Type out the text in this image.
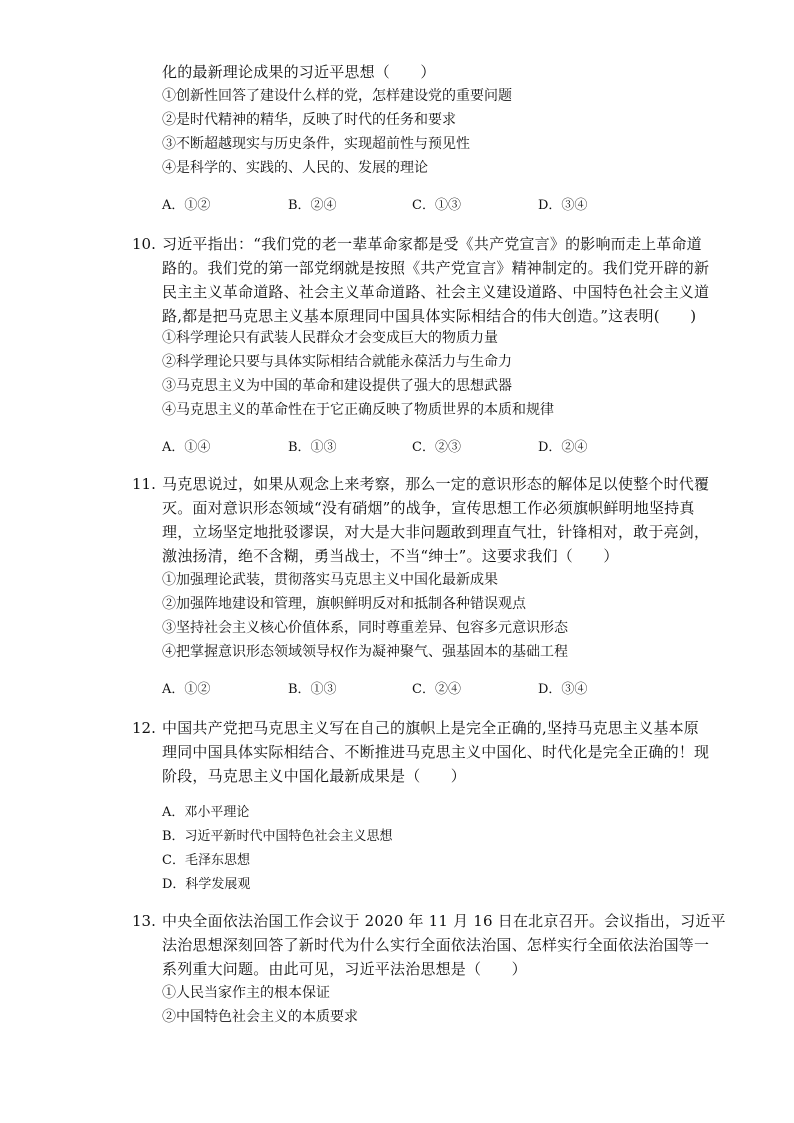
化的最新理论成果的习近平思想（　　）
①创新性回答了建设什么样的党，怎样建设党的重要问题
②是时代精神的精华，反映了时代的任务和要求
③不断超越现实与历史条件，实现超前性与预见性
④是科学的、实践的、人民的、发展的理论
A．①②	B．②④	C．①③	D．③④
10. 习近平指出：“我们党的老一辈革命家都是受《共产党宣言》的影响而走上革命道
路的。我们党的第一部党纲就是按照《共产党宣言》精神制定的。我们党开辟的新
民主主义革命道路、社会主义革命道路、社会主义建设道路、中国特色社会主义道
路,都是把马克思主义基本原理同中国具体实际相结合的伟大创造。”这表明(　　)
①科学理论只有武装人民群众才会变成巨大的物质力量
②科学理论只要与具体实际相结合就能永葆活力与生命力
③马克思主义为中国的革命和建设提供了强大的思想武器
④马克思主义的革命性在于它正确反映了物质世界的本质和规律
A．①④	B．①③	C．②③	D．②④
11. 马克思说过，如果从观念上来考察，那么一定的意识形态的解体足以使整个时代覆
灭。面对意识形态领域“没有硝烟”的战争，宣传思想工作必须旗帜鲜明地坚持真
理，立场坚定地批驳谬误，对大是大非问题敢到理直气壮，针锋相对，敢于亮剑，
激浊扬清，绝不含糊，勇当战士，不当“绅士”。这要求我们（　　）
①加强理论武装，贯彻落实马克思主义中国化最新成果
②加强阵地建设和管理，旗帜鲜明反对和抵制各种错误观点
③坚持社会主义核心价值体系，同时尊重差异、包容多元意识形态
④把掌握意识形态领域领导权作为凝神聚气、强基固本的基础工程
A．①②	B．①③	C．②④	D．③④
12. 中国共产党把马克思主义写在自己的旗帜上是完全正确的,坚持马克思主义基本原
理同中国具体实际相结合、不断推进马克思主义中国化、时代化是完全正确的！现
阶段，马克思主义中国化最新成果是（　　）
A．邓小平理论
B．习近平新时代中国特色社会主义思想
C．毛泽东思想
D．科学发展观
13. 中央全面依法治国工作会议于 2020 年 11 月 16 日在北京召开。会议指出，习近平
法治思想深刻回答了新时代为什么实行全面依法治国、怎样实行全面依法治国等一
系列重大问题。由此可见，习近平法治思想是（　　）
①人民当家作主的根本保证
②中国特色社会主义的本质要求
